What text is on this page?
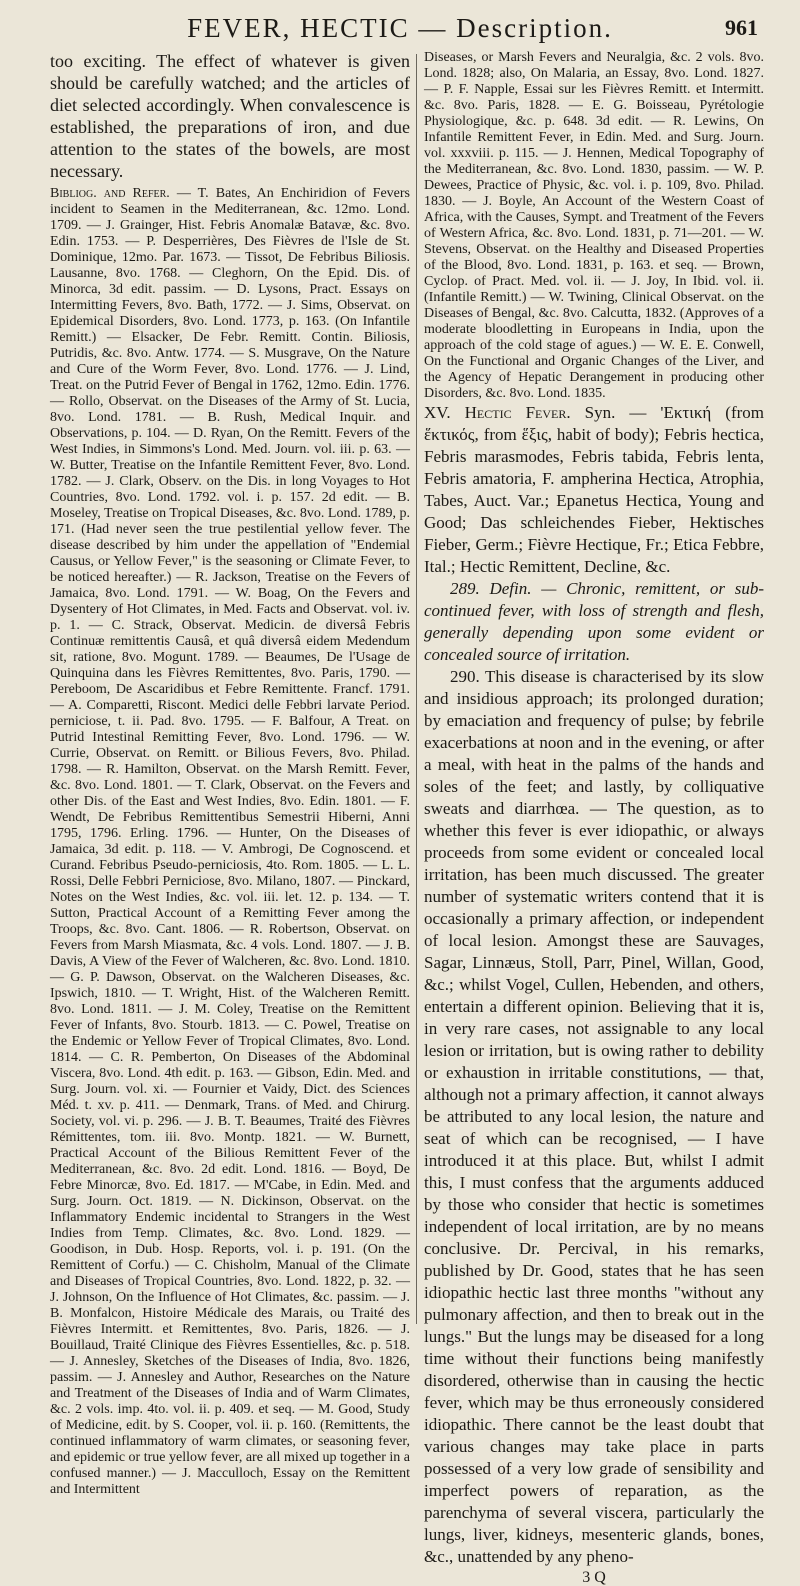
FEVER, HECTIC — Description.	961

too exciting. The effect of whatever is given should be carefully watched; and the articles of diet selected accordingly. When convalescence is established, the preparations of iron, and due attention to the states of the bowels, are most necessary.

Bibliog. and Refer. — T. Bates, An Enchiridion of Fevers incident to Seamen in the Mediterranean, &c. 12mo. Lond. 1709. — J. Grainger, Hist. Febris Anomalæ Batavæ, &c. 8vo. Edin. 1753. — P. Desperrières, Des Fièvres de l'Isle de St. Dominique, 12mo. Par. 1673. — Tissot, De Febribus Biliosis. Lausanne, 8vo. 1768. — Cleghorn, On the Epid. Dis. of Minorca, 3d edit. passim. — D. Lysons, Pract. Essays on Intermitting Fevers, 8vo. Bath, 1772. — J. Sims, Observat. on Epidemical Disorders, 8vo. Lond. 1773, p. 163. (On Infantile Remitt.) — Elsacker, De Febr. Remitt. Contin. Biliosis, Putridis, &c. 8vo. Antw. 1774. — S. Musgrave, On the Nature and Cure of the Worm Fever, 8vo. Lond. 1776. — J. Lind, Treat. on the Putrid Fever of Bengal in 1762, 12mo. Edin. 1776. — Rollo, Observat. on the Diseases of the Army of St. Lucia, 8vo. Lond. 1781. — B. Rush, Medical Inquir. and Observations, p. 104. — D. Ryan, On the Remitt. Fevers of the West Indies, in Simmons's Lond. Med. Journ. vol. iii. p. 63. — W. Butter, Treatise on the Infantile Remittent Fever, 8vo. Lond. 1782. — J. Clark, Observ. on the Dis. in long Voyages to Hot Countries, 8vo. Lond. 1792. vol. i. p. 157. 2d edit. — B. Moseley, Treatise on Tropical Diseases, &c. 8vo. Lond. 1789, p. 171. (Had never seen the true pestilential yellow fever. The disease described by him under the appellation of "Endemial Causus, or Yellow Fever," is the seasoning or Climate Fever, to be noticed hereafter.) — R. Jackson, Treatise on the Fevers of Jamaica, 8vo. Lond. 1791. — W. Boag, On the Fevers and Dysentery of Hot Climates, in Med. Facts and Observat. vol. iv. p. 1. — C. Strack, Observat. Medicin. de diversâ Febris Continuæ remittentis Causâ, et quâ diversâ eidem Medendum sit, ratione, 8vo. Mogunt. 1789. — Beaumes, De l'Usage de Quinquina dans les Fièvres Remittentes, 8vo. Paris, 1790. — Pereboom, De Ascaridibus et Febre Remittente. Francf. 1791. — A. Comparetti, Riscont. Medici delle Febbri larvate Period. perniciose, t. ii. Pad. 8vo. 1795. — F. Balfour, A Treat. on Putrid Intestinal Remitting Fever, 8vo. Lond. 1796. — W. Currie, Observat. on Remitt. or Bilious Fevers, 8vo. Philad. 1798. — R. Hamilton, Observat. on the Marsh Remitt. Fever, &c. 8vo. Lond. 1801. — T. Clark, Observat. on the Fevers and other Dis. of the East and West Indies, 8vo. Edin. 1801. — F. Wendt, De Febribus Remittentibus Semestrii Hiberni, Anni 1795, 1796. Erling. 1796. — Hunter, On the Diseases of Jamaica, 3d edit. p. 118. — V. Ambrogi, De Cognoscend. et Curand. Febribus Pseudo-perniciosis, 4to. Rom. 1805. — L. L. Rossi, Delle Febbri Perniciose, 8vo. Milano, 1807. — Pinckard, Notes on the West Indies, &c. vol. iii. let. 12. p. 134. — T. Sutton, Practical Account of a Remitting Fever among the Troops, &c. 8vo. Cant. 1806. — R. Robertson, Observat. on Fevers from Marsh Miasmata, &c. 4 vols. Lond. 1807. — J. B. Davis, A View of the Fever of Walcheren, &c. 8vo. Lond. 1810. — G. P. Dawson, Observat. on the Walcheren Diseases, &c. Ipswich, 1810. — T. Wright, Hist. of the Walcheren Remitt. 8vo. Lond. 1811. — J. M. Coley, Treatise on the Remittent Fever of Infants, 8vo. Stourb. 1813. — C. Powel, Treatise on the Endemic or Yellow Fever of Tropical Climates, 8vo. Lond. 1814. — C. R. Pemberton, On Diseases of the Abdominal Viscera, 8vo. Lond. 4th edit. p. 163. — Gibson, Edin. Med. and Surg. Journ. vol. xi. — Fournier et Vaidy, Dict. des Sciences Méd. t. xv. p. 411. — Denmark, Trans. of Med. and Chirurg. Society, vol. vi. p. 296. — J. B. T. Beaumes, Traité des Fièvres Rémittentes, tom. iii. 8vo. Montp. 1821. — W. Burnett, Practical Account of the Bilious Remittent Fever of the Mediterranean, &c. 8vo. 2d edit. Lond. 1816. — Boyd, De Febre Minorcæ, 8vo. Ed. 1817. — M'Cabe, in Edin. Med. and Surg. Journ. Oct. 1819. — N. Dickinson, Observat. on the Inflammatory Endemic incidental to Strangers in the West Indies from Temp. Climates, &c. 8vo. Lond. 1829. — Goodison, in Dub. Hosp. Reports, vol. i. p. 191. (On the Remittent of Corfu.) — C. Chisholm, Manual of the Climate and Diseases of Tropical Countries, 8vo. Lond. 1822, p. 32. — J. Johnson, On the Influence of Hot Climates, &c. passim. — J. B. Monfalcon, Histoire Médicale des Marais, ou Traité des Fièvres Intermitt. et Remittentes, 8vo. Paris, 1826. — J. Bouillaud, Traité Clinique des Fièvres Essentielles, &c. p. 518. — J. Annesley, Sketches of the Diseases of India, 8vo. 1826, passim. — J. Annesley and Author, Researches on the Nature and Treatment of the Diseases of India and of Warm Climates, &c. 2 vols. imp. 4to. vol. ii. p. 409. et seq. — M. Good, Study of Medicine, edit. by S. Cooper, vol. ii. p. 160. (Remittents, the continued inflammatory of warm climates, or seasoning fever, and epidemic or true yellow fever, are all mixed up together in a confused manner.) — J. Macculloch, Essay on the Remittent and Intermittent

Diseases, or Marsh Fevers and Neuralgia, &c. 2 vols. 8vo. Lond. 1828; also, On Malaria, an Essay, 8vo. Lond. 1827. — P. F. Napple, Essai sur les Fièvres Remitt. et Intermitt. &c. 8vo. Paris, 1828. — E. G. Boisseau, Pyrétologie Physiologique, &c. p. 648. 3d edit. — R. Lewins, On Infantile Remittent Fever, in Edin. Med. and Surg. Journ. vol. xxxviii. p. 115. — J. Hennen, Medical Topography of the Mediterranean, &c. 8vo. Lond. 1830, passim. — W. P. Dewees, Practice of Physic, &c. vol. i. p. 109, 8vo. Philad. 1830. — J. Boyle, An Account of the Western Coast of Africa, with the Causes, Sympt. and Treatment of the Fevers of Western Africa, &c. 8vo. Lond. 1831, p. 71—201. — W. Stevens, Observat. on the Healthy and Diseased Properties of the Blood, 8vo. Lond. 1831, p. 163. et seq. — Brown, Cyclop. of Pract. Med. vol. ii. — J. Joy, In Ibid. vol. ii. (Infantile Remitt.) — W. Twining, Clinical Observat. on the Diseases of Bengal, &c. 8vo. Calcutta, 1832. (Approves of a moderate bloodletting in Europeans in India, upon the approach of the cold stage of agues.) — W. E. E. Conwell, On the Functional and Organic Changes of the Liver, and the Agency of Hepatic Derangement in producing other Disorders, &c. 8vo. Lond. 1835.

XV. Hectic Fever. Syn. — 'Εκτική (from ἕκτικός, from ἕξις, habit of body); Febris hectica, Febris marasmodes, Febris tabida, Febris lenta, Febris amatoria, F. ampherina Hectica, Atrophia, Tabes, Auct. Var.; Epanetus Hectica, Young and Good; Das schleichendes Fieber, Hektisches Fieber, Germ.; Fièvre Hectique, Fr.; Etica Febbre, Ital.; Hectic Remittent, Decline, &c.

289. Defin. — Chronic, remittent, or sub-continued fever, with loss of strength and flesh, generally depending upon some evident or concealed source of irritation.

290. This disease is characterised by its slow and insidious approach; its prolonged duration; by emaciation and frequency of pulse; by febrile exacerbations at noon and in the evening, or after a meal, with heat in the palms of the hands and soles of the feet; and lastly, by colliquative sweats and diarrhœa. — The question, as to whether this fever is ever idiopathic, or always proceeds from some evident or concealed local irritation, has been much discussed. The greater number of systematic writers contend that it is occasionally a primary affection, or independent of local lesion. Amongst these are Sauvages, Sagar, Linnæus, Stoll, Parr, Pinel, Willan, Good, &c.; whilst Vogel, Cullen, Hebenden, and others, entertain a different opinion. Believing that it is, in very rare cases, not assignable to any local lesion or irritation, but is owing rather to debility or exhaustion in irritable constitutions, — that, although not a primary affection, it cannot always be attributed to any local lesion, the nature and seat of which can be recognised, — I have introduced it at this place. But, whilst I admit this, I must confess that the arguments adduced by those who consider that hectic is sometimes independent of local irritation, are by no means conclusive. Dr. Percival, in his remarks, published by Dr. Good, states that he has seen idiopathic hectic last three months "without any pulmonary affection, and then to break out in the lungs." But the lungs may be diseased for a long time without their functions being manifestly disordered, otherwise than in causing the hectic fever, which may be thus erroneously considered idiopathic. There cannot be the least doubt that various changes may take place in parts possessed of a very low grade of sensibility and imperfect powers of reparation, as the parenchyma of several viscera, particularly the lungs, liver, kidneys, mesenteric glands, bones, &c., unattended by any pheno-

3 Q
